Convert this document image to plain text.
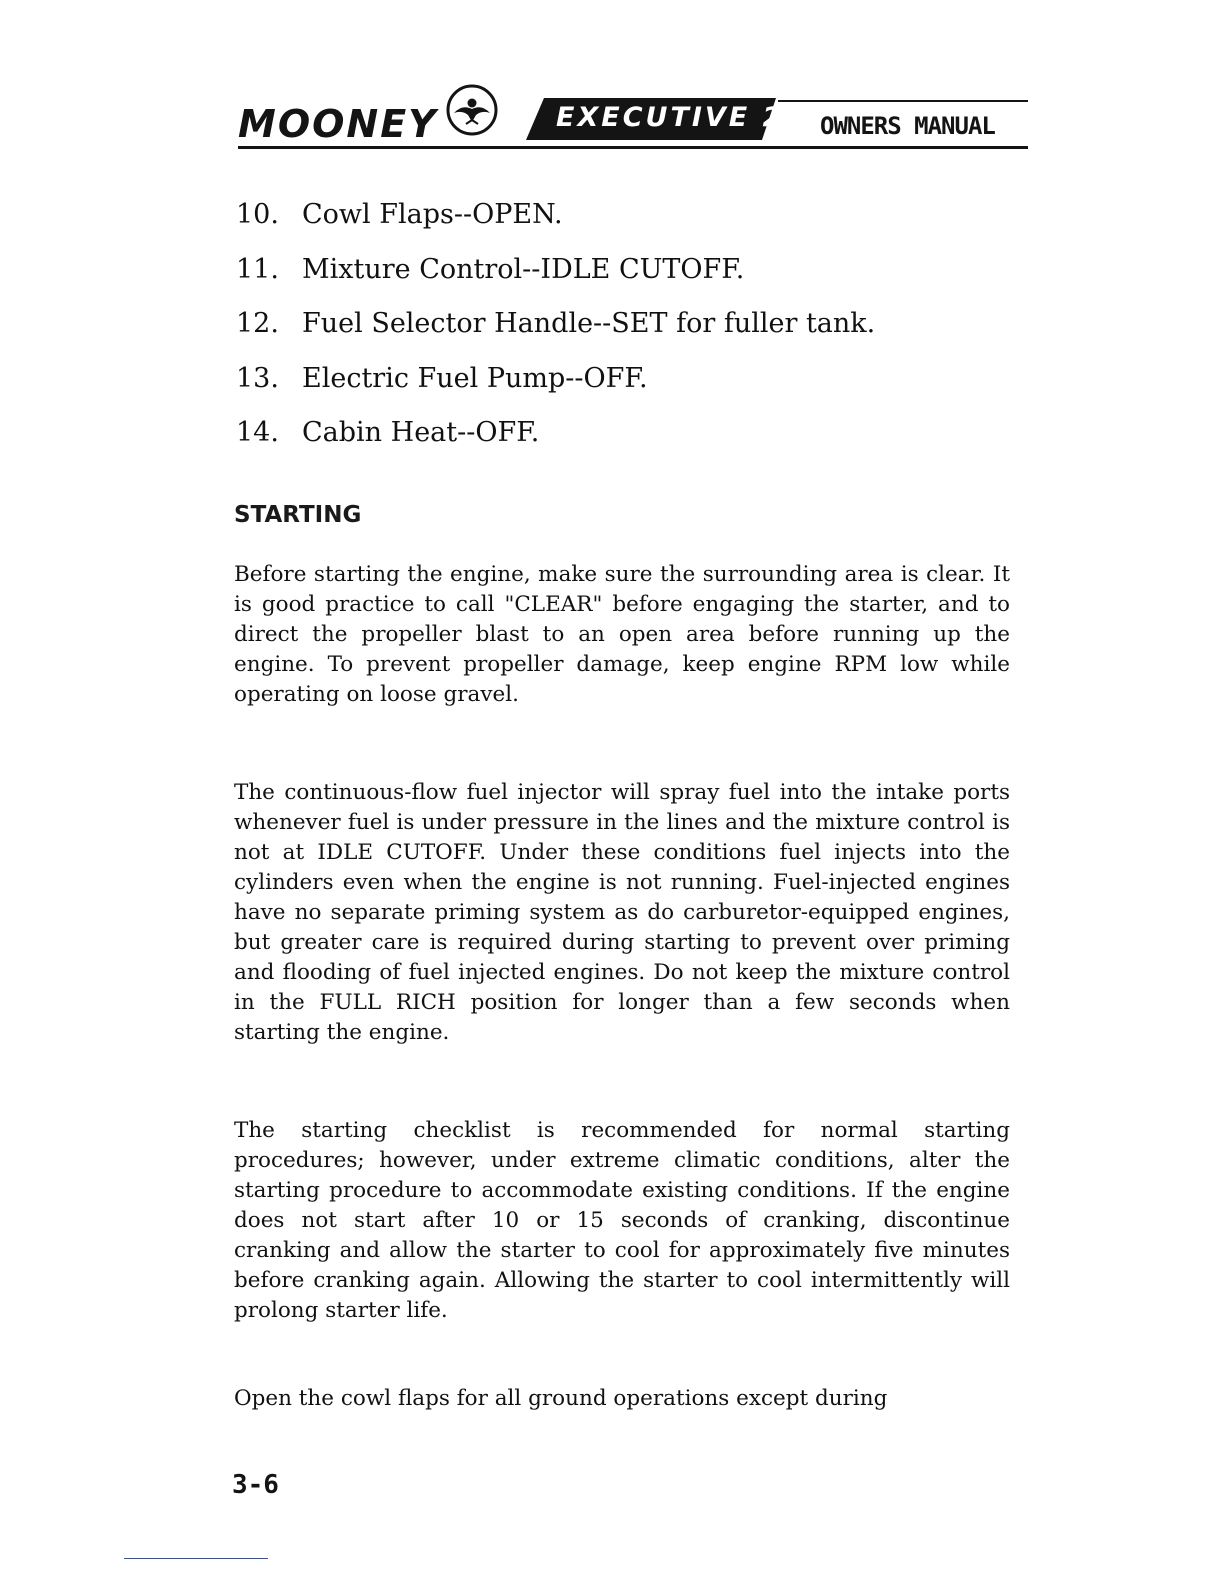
MOONEY	EXECUTIVE 21 OWNERS MANUAL
10. Cowl Flaps--OPEN.
11. Mixture Control--IDLE CUTOFF.
12. Fuel Selector Handle--SET for fuller tank.
13. Electric Fuel Pump--OFF.
14. Cabin Heat--OFF.
STARTING

Before starting the engine, make sure the surrounding area is clear. It is good practice to call "CLEAR" before engaging the starter, and to direct the propeller blast to an open area before running up the engine. To prevent propeller damage, keep engine RPM low while operating on loose gravel.

The continuous-flow fuel injector will spray fuel into the intake ports whenever fuel is under pressure in the lines and the mixture control is not at IDLE CUTOFF. Under these conditions fuel injects into the cylinders even when the engine is not running. Fuel-injected engines have no separate priming system as do carburetor-equipped engines, but greater care is required during starting to prevent over priming and flooding of fuel injected engines. Do not keep the mixture control in the FULL RICH position for longer than a few seconds when starting the engine.

The starting checklist is recommended for normal starting procedures; however, under extreme climatic conditions, alter the starting procedure to accommodate existing conditions. If the engine does not start after 10 or 15 seconds of cranking, discontinue cranking and allow the starter to cool for approximately five minutes before cranking again. Allowing the starter to cool intermittently will prolong starter life.

Open the cowl flaps for all ground operations except during

3-6
